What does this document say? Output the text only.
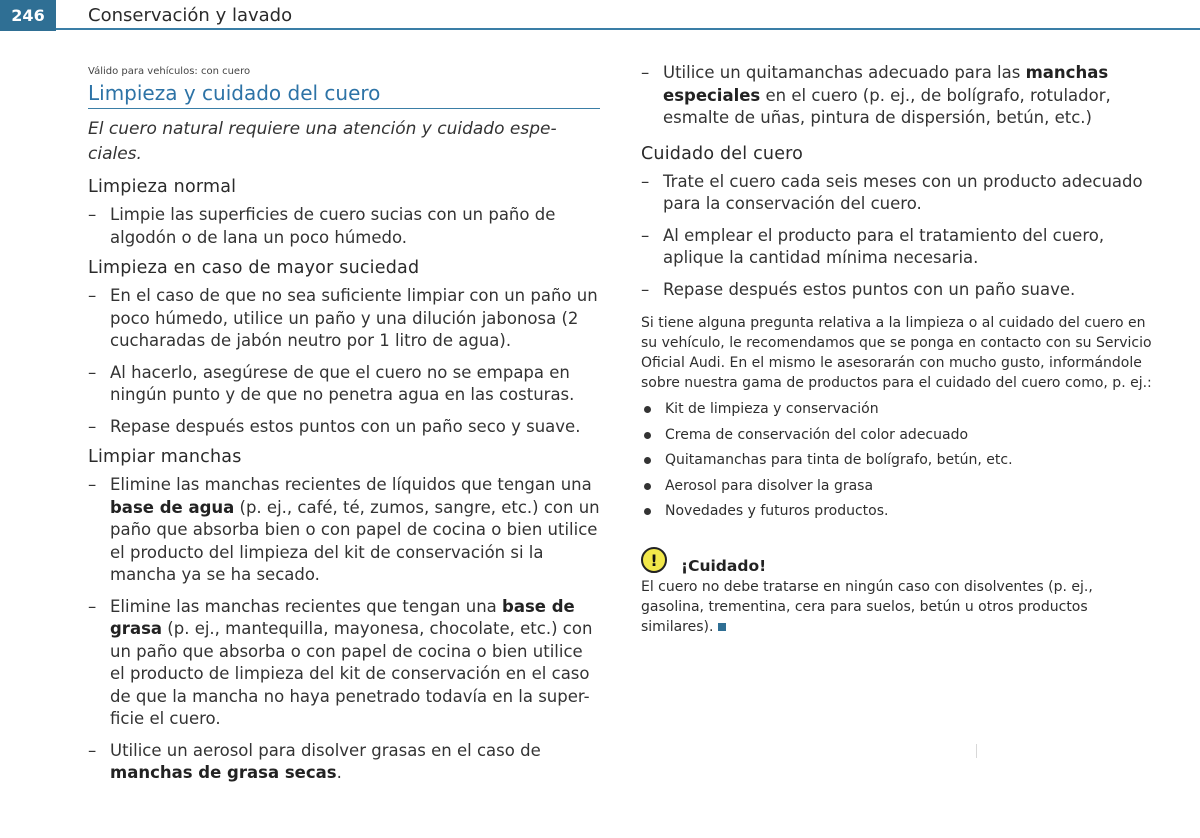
246	Conservación y lavado
Válido para vehículos: con cuero
Limpieza y cuidado del cuero
El cuero natural requiere una atención y cuidado espe-ciales.
Limpieza normal
– Limpie las superficies de cuero sucias con un paño de algodón o de lana un poco húmedo.
Limpieza en caso de mayor suciedad
– En el caso de que no sea suficiente limpiar con un paño un poco húmedo, utilice un paño y una dilución jabonosa (2 cucharadas de jabón neutro por 1 litro de agua).
– Al hacerlo, asegúrese de que el cuero no se empapa en ningún punto y de que no penetra agua en las costuras.
– Repase después estos puntos con un paño seco y suave.
Limpiar manchas
– Elimine las manchas recientes de líquidos que tengan una base de agua (p. ej., café, té, zumos, sangre, etc.) con un paño que absorba bien o con papel de cocina o bien utilice el producto del limpieza del kit de conservación si la mancha ya se ha secado.
– Elimine las manchas recientes que tengan una base de grasa (p. ej., mantequilla, mayonesa, chocolate, etc.) con un paño que absorba o con papel de cocina o bien utilice el producto de limpieza del kit de conservación en el caso de que la mancha no haya penetrado todavía en la super-ficie el cuero.
– Utilice un aerosol para disolver grasas en el caso de manchas de grasa secas.
– Utilice un quitamanchas adecuado para las manchas especiales en el cuero (p. ej., de bolígrafo, rotulador, esmalte de uñas, pintura de dispersión, betún, etc.)
Cuidado del cuero
– Trate el cuero cada seis meses con un producto adecuado para la conservación del cuero.
– Al emplear el producto para el tratamiento del cuero, aplique la cantidad mínima necesaria.
– Repase después estos puntos con un paño suave.
Si tiene alguna pregunta relativa a la limpieza o al cuidado del cuero en su vehículo, le recomendamos que se ponga en contacto con su Servicio Oficial Audi. En el mismo le asesorarán con mucho gusto, informándole sobre nuestra gama de productos para el cuidado del cuero como, p. ej.:
Kit de limpieza y conservación
Crema de conservación del color adecuado
Quitamanchas para tinta de bolígrafo, betún, etc.
Aerosol para disolver la grasa
Novedades y futuros productos.
!	¡Cuidado!
El cuero no debe tratarse en ningún caso con disolventes (p. ej., gasolina, trementina, cera para suelos, betún u otros productos similares).
